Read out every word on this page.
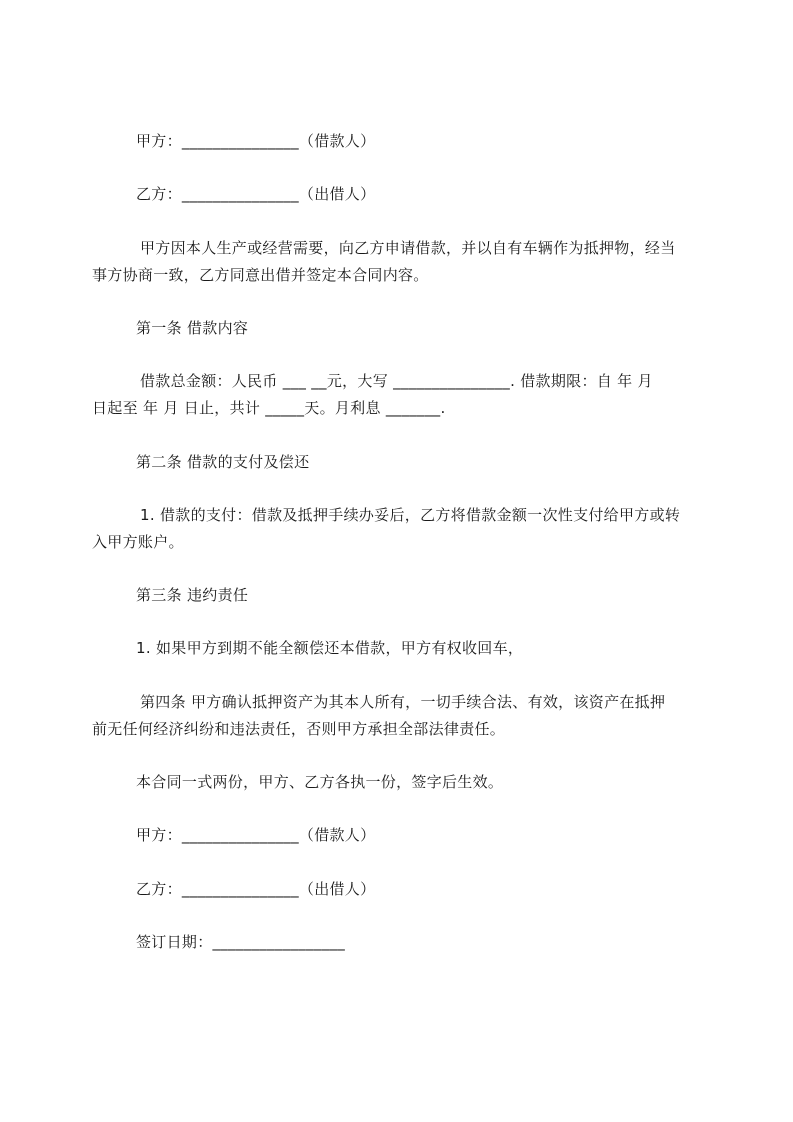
甲方：_______________（借款人）
乙方：_______________（出借人）
甲方因本人生产或经营需要，向乙方申请借款，并以自有车辆作为抵押物，经当
事方协商一致，乙方同意出借并签定本合同内容。
第一条 借款内容
借款总金额：人民币 ___ __元，大写 _______________. 借款期限：自 年 月
日起至 年 月 日止，共计 _____天。月利息 _______.
第二条 借款的支付及偿还
1. 借款的支付：借款及抵押手续办妥后，乙方将借款金额一次性支付给甲方或转
入甲方账户。
第三条 违约责任
1. 如果甲方到期不能全额偿还本借款，甲方有权收回车，
第四条 甲方确认抵押资产为其本人所有，一切手续合法、有效，该资产在抵押
前无任何经济纠纷和违法责任，否则甲方承担全部法律责任。
本合同一式两份，甲方、乙方各执一份，签字后生效。
甲方：_______________（借款人）
乙方：_______________（出借人）
签订日期：_________________
